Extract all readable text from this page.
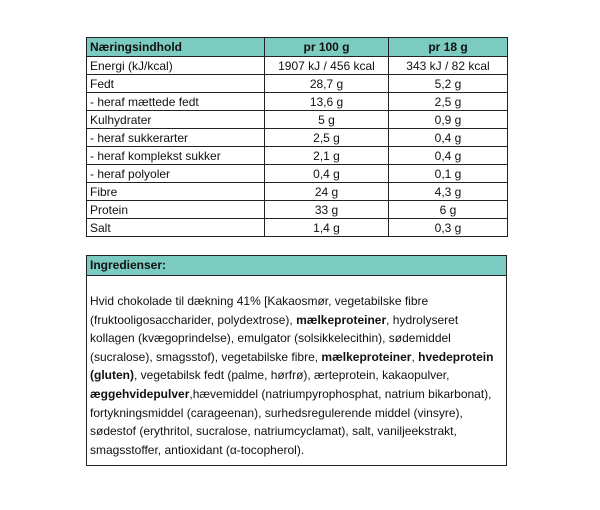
Næringsindhold	pr 100 g	pr 18 g
Energi (kJ/kcal)	1907 kJ / 456 kcal	343 kJ / 82 kcal
Fedt	28,7 g	5,2 g
- heraf mættede fedt	13,6 g	2,5 g
Kulhydrater	5 g	0,9 g
- heraf sukkerarter	2,5 g	0,4 g
- heraf komplekst sukker	2,1 g	0,4 g
- heraf polyoler	0,4 g	0,1 g
Fibre	24 g	4,3 g
Protein	33 g	6 g
Salt	1,4 g	0,3 g
Ingredienser:
Hvid chokolade til dækning 41% [Kakaosmør, vegetabilske fibre (fruktooligosaccharider, polydextrose), mælkeproteiner, hydrolyseret kollagen (kvægoprindelse), emulgator (solsikkelecithin), sødemiddel (sucralose), smagsstof), vegetabilske fibre, mælkeproteiner, hvedeprotein (gluten), vegetabilsk fedt (palme, hørfrø), ærteprotein, kakaopulver, æggehvidepulver,hævemiddel (natriumpyrophosphat, natrium bikarbonat), fortykningsmiddel (carageenan), surhedsregulerende middel (vinsyre), sødestof (erythritol, sucralose, natriumcyclamat), salt, vaniljeekstrakt, smagsstoffer, antioxidant (α-tocopherol).
